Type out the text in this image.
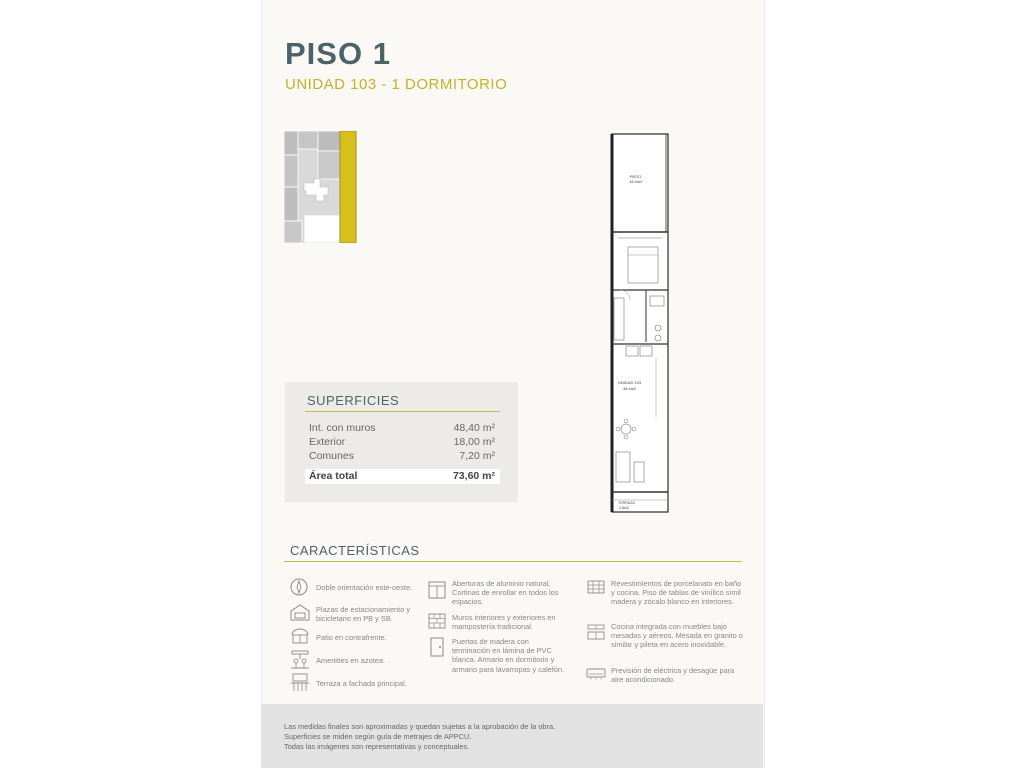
PISO 1
UNIDAD 103 - 1 DORMITORIO
PATIO
18.4m2
UNIDAD 103
48.4m2
TERRAZA
2.8m2
SUPERFICIES
Int. con muros	48,40 m²
Exterior	18,00 m²
Comunes	7,20 m²
Área total	73,60 m²
CARACTERÍSTICAS
Doble orientación este-oeste.
Plazas de estacionamiento y bicicletario en PB y SB.
Patio en contrafrente.
Amenities en azotea.
Terraza a fachada principal.
Aberturas de aluminio natural. Cortinas de enrollar en todos los espacios.
Muros interiores y exteriores en mampostería tradicional.
Puertas de madera con terminación en lámina de PVC blanca. Armario en dormitorio y armario para lavarropas y calefón.
Revestimientos de porcelanato en baño y cocina. Piso de tablas de vinílico símil madera y zócalo blanco en interiores.
Cocina integrada con muebles bajo mesadas y aéreos. Mesada en granito o similar y pileta en acero inoxidable.
Previsión de eléctrica y desagüe para aire acondicionado.
Las medidas finales son aproximadas y quedan sujetas a la aprobación de la obra.
Superficies se miden según guía de metrajes de APPCU.
Todas las imágenes son representativas y conceptuales.
